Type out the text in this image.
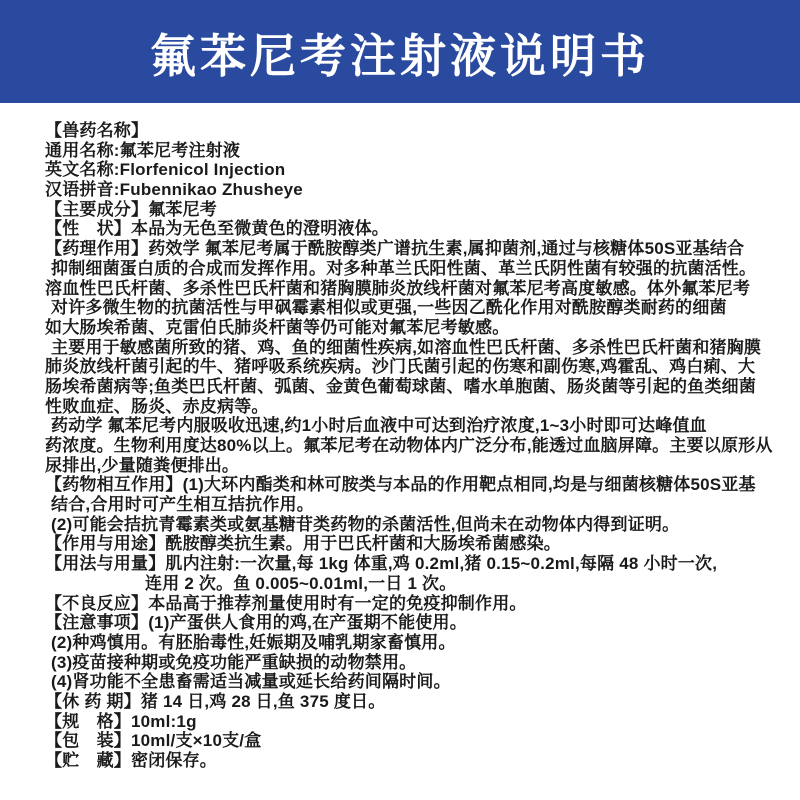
氟苯尼考注射液说明书
【兽药名称】
通用名称:氟苯尼考注射液
英文名称:Florfenicol Injection
汉语拼音:Fubennikao Zhusheye
【主要成分】氟苯尼考
【性　状】本品为无色至微黄色的澄明液体。
【药理作用】药效学 氟苯尼考属于酰胺醇类广谱抗生素,属抑菌剂,通过与核糖体50S亚基结合
抑制细菌蛋白质的合成而发挥作用。对多种革兰氏阳性菌、革兰氏阴性菌有较强的抗菌活性。
溶血性巴氏杆菌、多杀性巴氏杆菌和猪胸膜肺炎放线杆菌对氟苯尼考高度敏感。体外氟苯尼考
对许多微生物的抗菌活性与甲砜霉素相似或更强,一些因乙酰化作用对酰胺醇类耐药的细菌
如大肠埃希菌、克雷伯氏肺炎杆菌等仍可能对氟苯尼考敏感。
主要用于敏感菌所致的猪、鸡、鱼的细菌性疾病,如溶血性巴氏杆菌、多杀性巴氏杆菌和猪胸膜
肺炎放线杆菌引起的牛、猪呼吸系统疾病。沙门氏菌引起的伤寒和副伤寒,鸡霍乱、鸡白痢、大
肠埃希菌病等;鱼类巴氏杆菌、弧菌、金黄色葡萄球菌、嗜水单胞菌、肠炎菌等引起的鱼类细菌
性败血症、肠炎、赤皮病等。
药动学 氟苯尼考内服吸收迅速,约1小时后血液中可达到治疗浓度,1~3小时即可达峰值血
药浓度。生物利用度达80%以上。氟苯尼考在动物体内广泛分布,能透过血脑屏障。主要以原形从
尿排出,少量随粪便排出。
【药物相互作用】(1)大环内酯类和林可胺类与本品的作用靶点相同,均是与细菌核糖体50S亚基
结合,合用时可产生相互拮抗作用。
(2)可能会拮抗青霉素类或氨基糖苷类药物的杀菌活性,但尚未在动物体内得到证明。
【作用与用途】酰胺醇类抗生素。用于巴氏杆菌和大肠埃希菌感染。
【用法与用量】肌内注射:一次量,每 1kg 体重,鸡 0.2ml,猪 0.15~0.2ml,每隔 48 小时一次,
连用 2 次。鱼 0.005~0.01ml,一日 1 次。
【不良反应】本品高于推荐剂量使用时有一定的免疫抑制作用。
【注意事项】(1)产蛋供人食用的鸡,在产蛋期不能使用。
(2)种鸡慎用。有胚胎毒性,妊娠期及哺乳期家畜慎用。
(3)疫苗接种期或免疫功能严重缺损的动物禁用。
(4)肾功能不全患畜需适当减量或延长给药间隔时间。
【休 药 期】猪 14 日,鸡 28 日,鱼 375 度日。
【规　格】10ml:1g
【包　装】10ml/支×10支/盒
【贮　藏】密闭保存。
